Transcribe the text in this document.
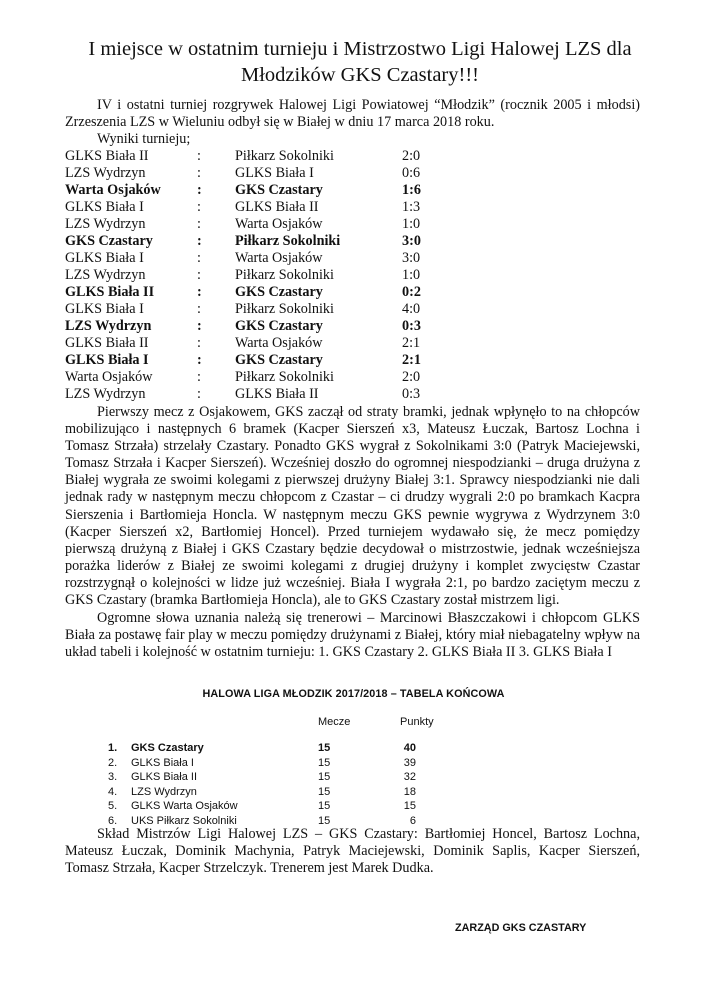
I miejsce w ostatnim turnieju i Mistrzostwo Ligi Halowej LZS dla Młodzików GKS Czastary!!!

IV i ostatni turniej rozgrywek Halowej Ligi Powiatowej “Młodzik” (rocznik 2005 i młodsi) Zrzeszenia LZS w Wieluniu odbył się w Białej w dniu 17 marca 2018 roku.

Wyniki turnieju;
GLKS Biała II	: Piłkarz Sokolniki	2:0
LZS Wydrzyn	: GLKS Biała I	0:6
Warta Osjaków	: GKS Czastary	1:6
GLKS Biała I	: GLKS Biała II	1:3
LZS Wydrzyn	: Warta Osjaków	1:0
GKS Czastary	: Piłkarz Sokolniki	3:0
GLKS Biała I	: Warta Osjaków	3:0
LZS Wydrzyn	: Piłkarz Sokolniki	1:0
GLKS Biała II	: GKS Czastary	0:2
GLKS Biała I	: Piłkarz Sokolniki	4:0
LZS Wydrzyn	: GKS Czastary	0:3
GLKS Biała II	: Warta Osjaków	2:1
GLKS Biała I	: GKS Czastary	2:1
Warta Osjaków	: Piłkarz Sokolniki	2:0
LZS Wydrzyn	: GLKS Biała II	0:3

Pierwszy mecz z Osjakowem, GKS zaczął od straty bramki, jednak wpłynęło to na chłopców mobilizująco i następnych 6 bramek (Kacper Sierszeń x3, Mateusz Łuczak, Bartosz Lochna i Tomasz Strzała) strzelały Czastary. Ponadto GKS wygrał z Sokolnikami 3:0 (Patryk Maciejewski, Tomasz Strzała i Kacper Sierszeń). Wcześniej doszło do ogromnej niespodzianki – druga drużyna z Białej wygrała ze swoimi kolegami z pierwszej drużyny Białej 3:1. Sprawcy niespodzianki nie dali jednak rady w następnym meczu chłopcom z Czastar – ci drudzy wygrali 2:0 po bramkach Kacpra Sierszenia i Bartłomieja Honcla. W następnym meczu GKS pewnie wygrywa z Wydrzynem 3:0 (Kacper Sierszeń x2, Bartłomiej Honcel). Przed turniejem wydawało się, że mecz pomiędzy pierwszą drużyną z Białej i GKS Czastary będzie decydował o mistrzostwie, jednak wcześniejsza porażka liderów z Białej ze swoimi kolegami z drugiej drużyny i komplet zwycięstw Czastar rozstrzygnął o kolejności w lidze już wcześniej. Biała I wygrała 2:1, po bardzo zaciętym meczu z GKS Czastary (bramka Bartłomieja Honcla), ale to GKS Czastary został mistrzem ligi.

Ogromne słowa uznania należą się trenerowi – Marcinowi Błaszczakowi i chłopcom GLKS Biała za postawę fair play w meczu pomiędzy drużynami z Białej, który miał niebagatelny wpływ na układ tabeli i kolejność w ostatnim turnieju: 1. GKS Czastary 2. GLKS Biała II 3. GLKS Biała I

HALOWA LIGA MŁODZIK 2017/2018 – TABELA KOŃCOWA
Mecze	Punkty
1. GKS Czastary	15	40
2. GLKS Biała I	15	39
3. GLKS Biała II	15	32
4. LZS Wydrzyn	15	18
5. GLKS Warta Osjaków	15	15
6. UKS Piłkarz Sokolniki	15	6

Skład Mistrzów Ligi Halowej LZS – GKS Czastary: Bartłomiej Honcel, Bartosz Lochna, Mateusz Łuczak, Dominik Machynia, Patryk Maciejewski, Dominik Saplis, Kacper Sierszeń, Tomasz Strzała, Kacper Strzelczyk. Trenerem jest Marek Dudka.

ZARZĄD GKS CZASTARY
